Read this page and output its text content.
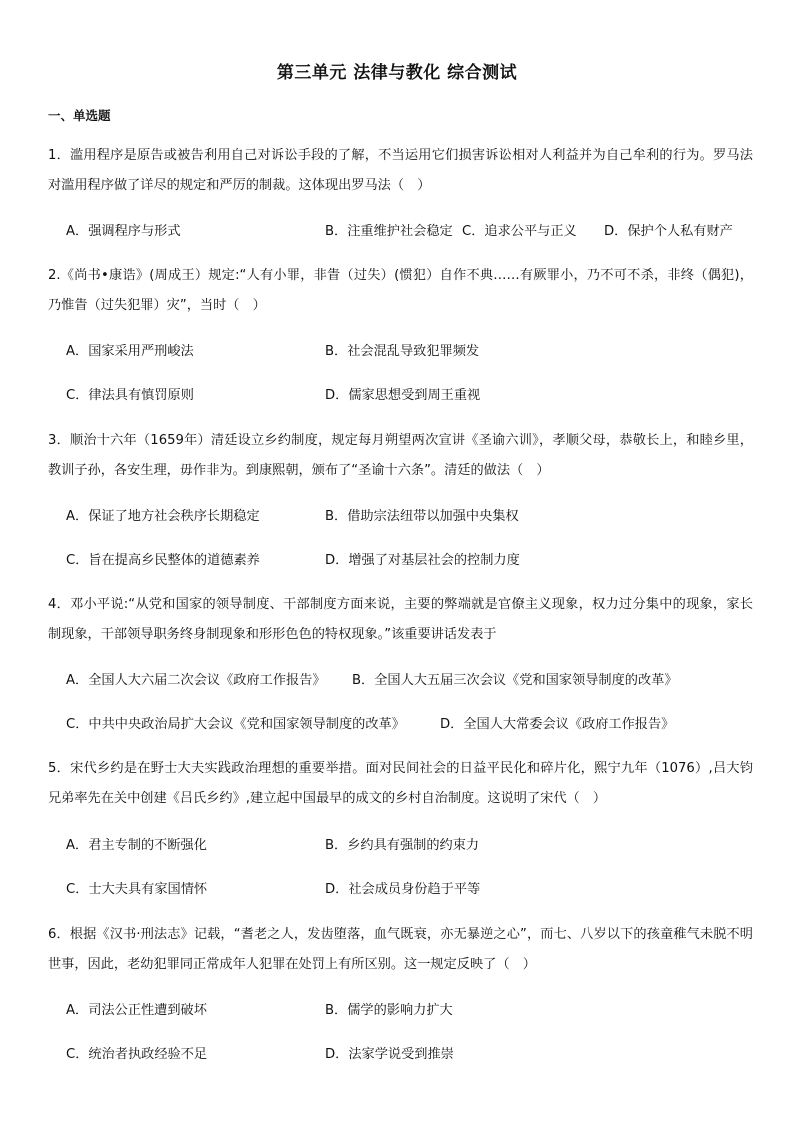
第三单元 法律与教化 综合测试
一、单选题
1．滥用程序是原告或被告利用自己对诉讼手段的了解，不当运用它们损害诉讼相对人利益并为自己牟利的行为。罗马法对滥用程序做了详尽的规定和严厉的制裁。这体现出罗马法（　）
A．强调程序与形式	B．注重维护社会稳定 C．追求公平与正义 D．保护个人私有财产
2.《尚书•康诰》(周成王）规定:“人有小罪，非眚（过失）(惯犯）自作不典……有厥罪小，乃不可不杀，非终（偶犯)，乃惟眚（过失犯罪）灾”，当时（　）
A．国家采用严刑峻法	B．社会混乱导致犯罪频发
C．律法具有慎罚原则	D．儒家思想受到周王重视
3．顺治十六年（1659年）清廷设立乡约制度，规定每月朔望两次宣讲《圣谕六训》，孝顺父母，恭敬长上，和睦乡里，教训子孙，各安生理，毋作非为。到康熙朝，颁布了“圣谕十六条”。清廷的做法（　）
A．保证了地方社会秩序长期稳定	B．借助宗法纽带以加强中央集权
C．旨在提高乡民整体的道德素养	D．增强了对基层社会的控制力度
4．邓小平说:“从党和国家的领导制度、干部制度方面来说，主要的弊端就是官僚主义现象，权力过分集中的现象，家长制现象，干部领导职务终身制现象和形形色色的特权现象。”该重要讲话发表于
A．全国人大六届二次会议《政府工作报告》 B．全国人大五届三次会议《党和国家领导制度的改革》
C．中共中央政治局扩大会议《党和国家领导制度的改革》	D．全国人大常委会议《政府工作报告》
5．宋代乡约是在野士大夫实践政治理想的重要举措。面对民间社会的日益平民化和碎片化，熙宁九年（1076）,吕大钧兄弟率先在关中创建《吕氏乡约》,建立起中国最早的成文的乡村自治制度。这说明了宋代（　）
A．君主专制的不断强化	B．乡约具有强制的约束力
C．士大夫具有家国情怀	D．社会成员身份趋于平等
6．根据《汉书·刑法志》记载，“耆老之人，发齿堕落，血气既衰，亦无暴逆之心”，而七、八岁以下的孩童稚气未脱不明世事，因此，老幼犯罪同正常成年人犯罪在处罚上有所区别。这一规定反映了（　）
A．司法公正性遭到破坏	B．儒学的影响力扩大
C．统治者执政经验不足	D．法家学说受到推崇
